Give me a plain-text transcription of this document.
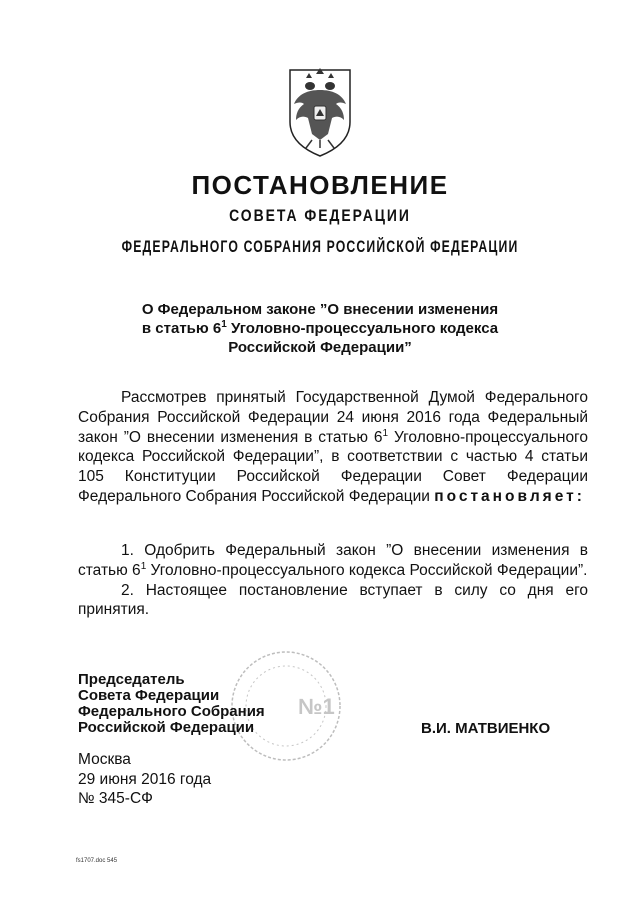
ПОСТАНОВЛЕНИЕ
СОВЕТА ФЕДЕРАЦИИ
ФЕДЕРАЛЬНОГО СОБРАНИЯ РОССИЙСКОЙ ФЕДЕРАЦИИ
О Федеральном законе ”О внесении изменения
в статью $6^1$ Уголовно-процессуального кодекса
Российской Федерации”

Рассмотрев принятый Государственной Думой Федерального Собрания Российской Федерации 24 июня 2016 года Федеральный закон ”О внесении изменения в статью $6^1$ Уголовно-процессуального кодекса Российской Федерации”, в соответствии с частью 4 статьи 105 Конституции Российской Федерации Совет Федерации Федерального Собрания Российской Федерации постановляет:

1. Одобрить Федеральный закон ”О внесении изменения в статью $6^1$ Уголовно-процессуального кодекса Российской Федерации”.

2. Настоящее постановление вступает в силу со дня его принятия.

№1
Председатель
Совета Федерации
Федерального Собрания
Российской Федерации	В.И. МАТВИЕНКО
Москва
29 июня 2016 года
№ 345-СФ
fs1707.doc 545
